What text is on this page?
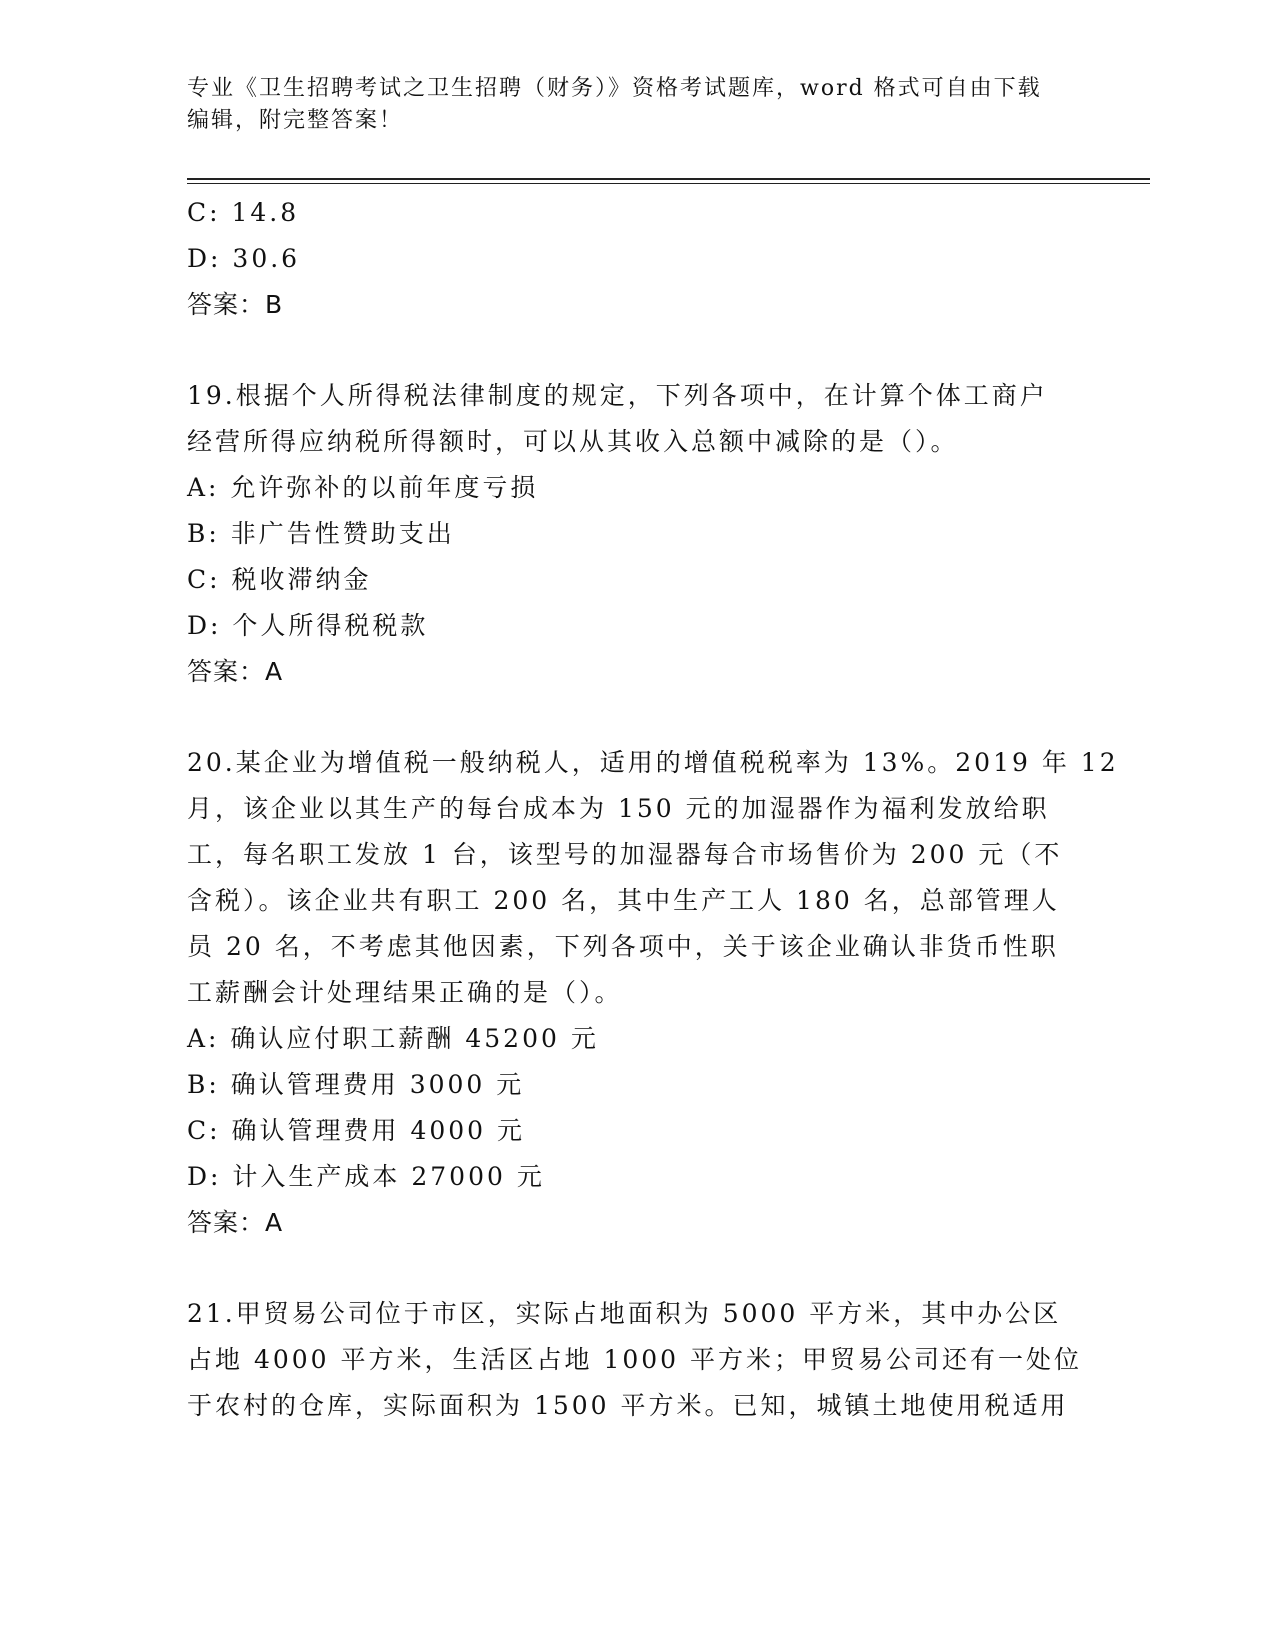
专业《卫生招聘考试之卫生招聘（财务）》资格考试题库，word 格式可自由下载
编辑，附完整答案！
C: 14.8
D: 30.6
答案：B
19.根据个人所得税法律制度的规定，下列各项中，在计算个体工商户
经营所得应纳税所得额时，可以从其收入总额中减除的是（）。
A: 允许弥补的以前年度亏损
B: 非广告性赞助支出
C: 税收滞纳金
D: 个人所得税税款
答案：A
20.某企业为增值税一般纳税人，适用的增值税税率为 13%。2019 年 12
月，该企业以其生产的每台成本为 150 元的加湿器作为福利发放给职
工，每名职工发放 1 台，该型号的加湿器每合市场售价为 200 元（不
含税）。该企业共有职工 200 名，其中生产工人 180 名，总部管理人
员 20 名，不考虑其他因素，下列各项中，关于该企业确认非货币性职
工薪酬会计处理结果正确的是（）。
A: 确认应付职工薪酬 45200 元
B: 确认管理费用 3000 元
C: 确认管理费用 4000 元
D: 计入生产成本 27000 元
答案：A
21.甲贸易公司位于市区，实际占地面积为 5000 平方米，其中办公区
占地 4000 平方米，生活区占地 1000 平方米；甲贸易公司还有一处位
于农村的仓库，实际面积为 1500 平方米。已知，城镇土地使用税适用
